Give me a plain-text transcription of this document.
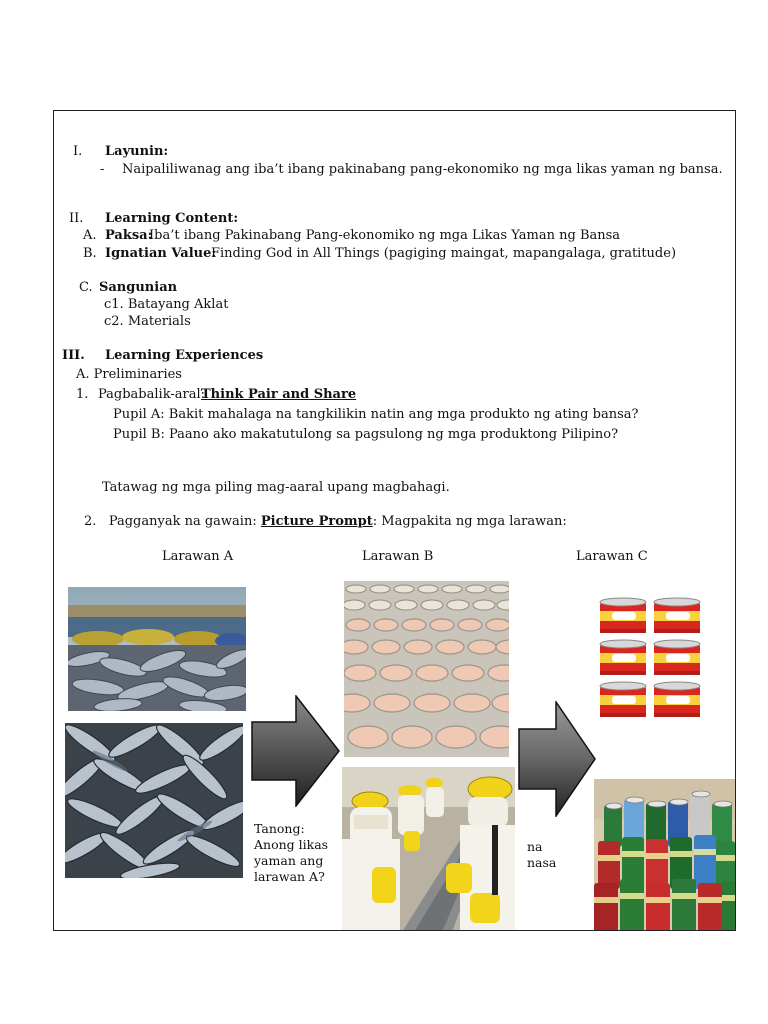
I. Layunin:
- Naipaliliwanag ang iba’t ibang pakinabang pang-ekonomiko ng mga likas yaman ng bansa.
II. Learning Content:
A. Paksa:
Iba’t ibang Pakinabang Pang-ekonomiko ng mga Likas Yaman ng Bansa
B. Ignatian Value:
Finding God in All Things (pagiging maingat, mapangalaga, gratitude)
C. Sangunian
c1. Batayang Aklat
c2. Materials
III. Learning Experiences
A. Preliminaries
1. Pagbabalik-aral:
Think Pair and Share
Pupil A: Bakit mahalaga na tangkilikin natin ang mga produkto ng ating bansa?
Pupil B: Paano ako makatutulong sa pagsulong ng mga produktong Pilipino?
Tatawag ng mga piling mag-aaral upang magbahagi.
2. Pagganyak na gawain: Picture Prompt: Magpakita ng mga larawan:
Larawan A	Larawan B	Larawan C
Tanong:
Anong likas
yaman ang
larawan A?
na
nasa
